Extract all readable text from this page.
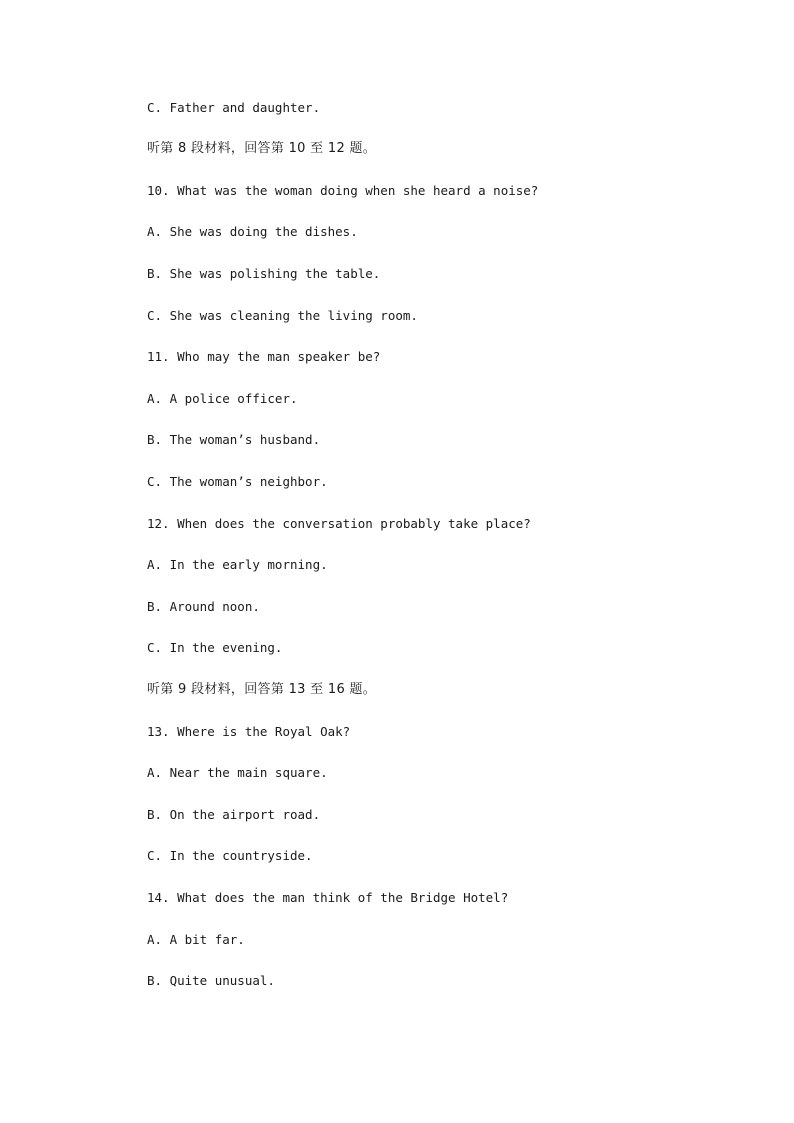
C. Father and daughter.
听第 8 段材料，回答第 10 至 12 题。
10. What was the woman doing when she heard a noise?
A. She was doing the dishes.
B. She was polishing the table.
C. She was cleaning the living room.
11. Who may the man speaker be?
A. A police officer.
B. The woman’s husband.
C. The woman’s neighbor.
12. When does the conversation probably take place?
A. In the early morning.
B. Around noon.
C. In the evening.
听第 9 段材料，回答第 13 至 16 题。
13. Where is the Royal Oak?
A. Near the main square.
B. On the airport road.
C. In the countryside.
14. What does the man think of the Bridge Hotel?
A. A bit far.
B. Quite unusual.
